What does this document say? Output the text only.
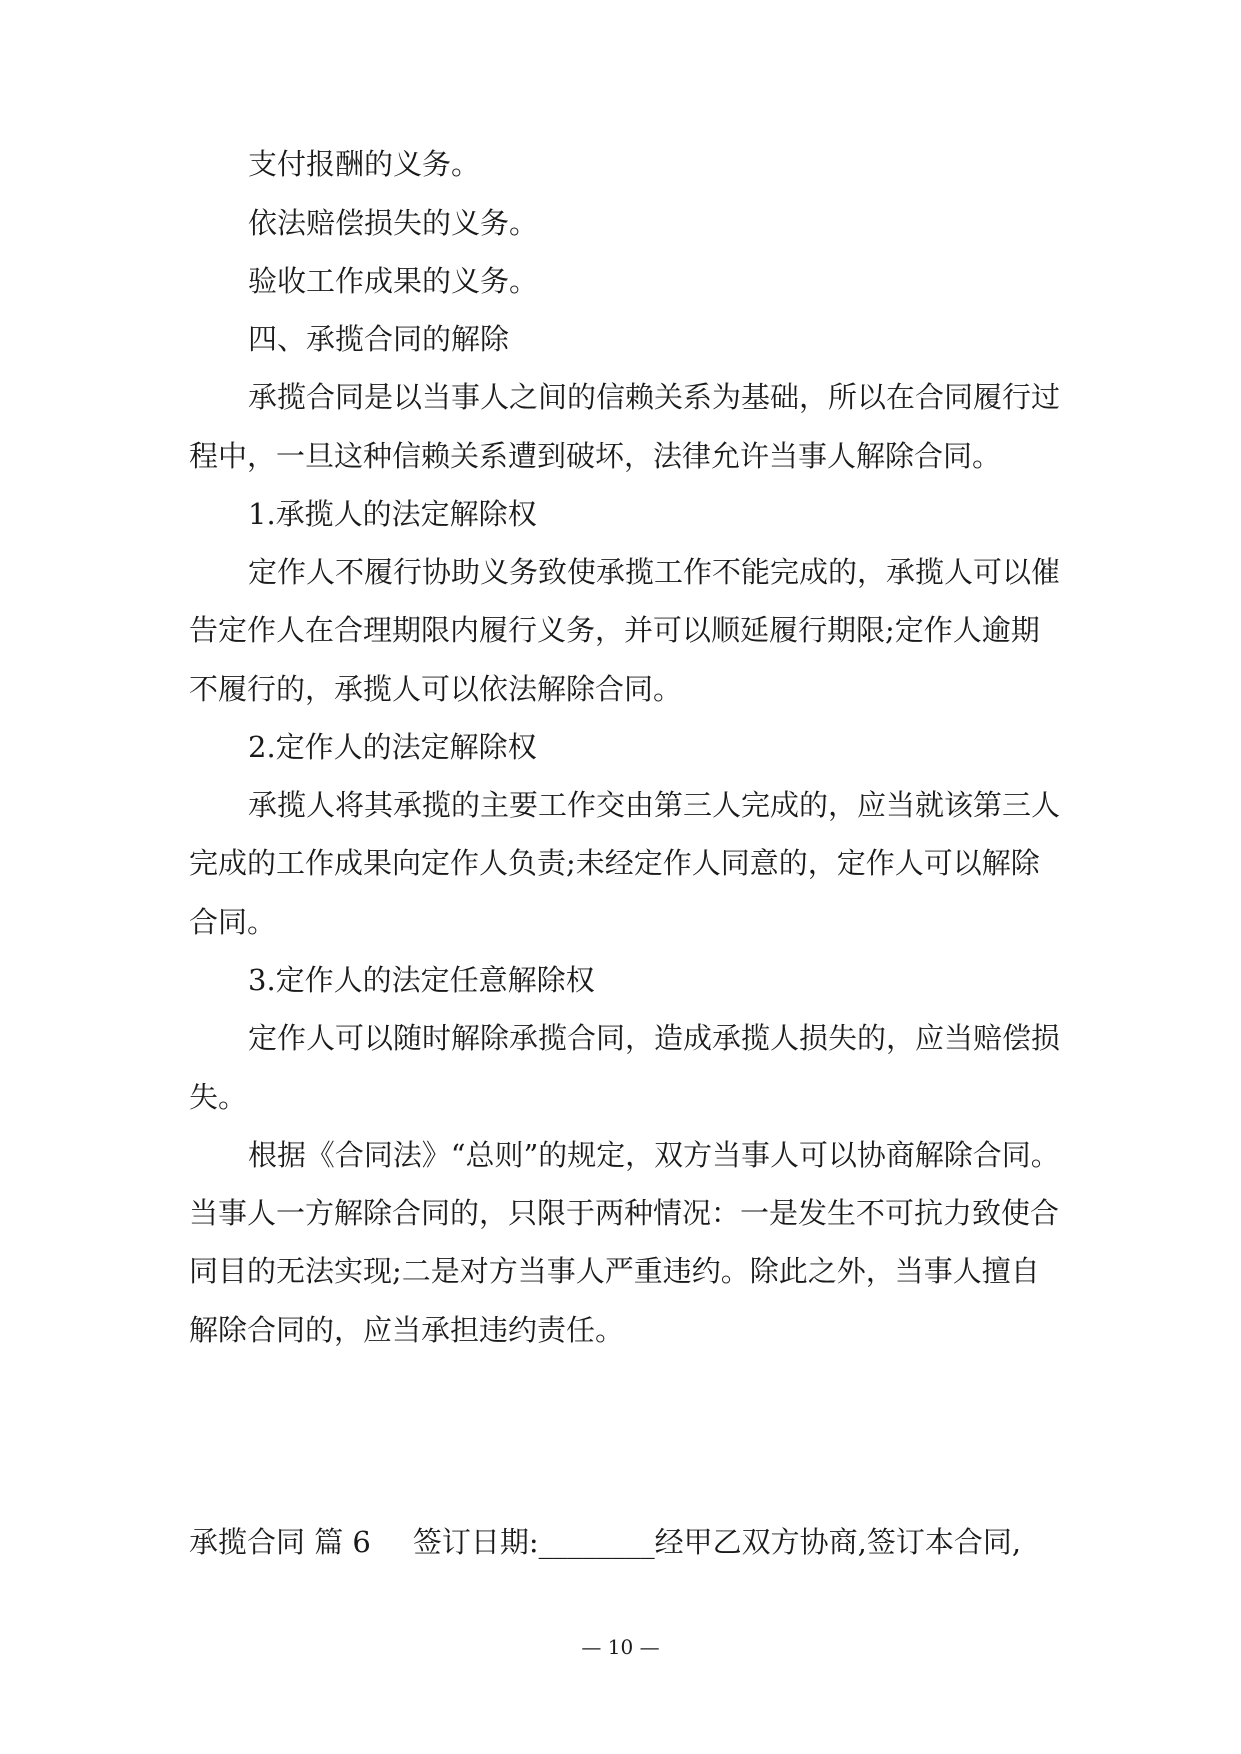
支付报酬的义务。
依法赔偿损失的义务。
验收工作成果的义务。
四、承揽合同的解除
承揽合同是以当事人之间的信赖关系为基础，所以在合同履行过
程中，一旦这种信赖关系遭到破坏，法律允许当事人解除合同。
1.承揽人的法定解除权
定作人不履行协助义务致使承揽工作不能完成的，承揽人可以催
告定作人在合理期限内履行义务，并可以顺延履行期限;定作人逾期
不履行的，承揽人可以依法解除合同。
2.定作人的法定解除权
承揽人将其承揽的主要工作交由第三人完成的，应当就该第三人
完成的工作成果向定作人负责;未经定作人同意的，定作人可以解除
合同。
3.定作人的法定任意解除权
定作人可以随时解除承揽合同，造成承揽人损失的，应当赔偿损
失。
根据《合同法》“总则”的规定，双方当事人可以协商解除合同。
当事人一方解除合同的，只限于两种情况：一是发生不可抗力致使合
同目的无法实现;二是对方当事人严重违约。除此之外，当事人擅自
解除合同的，应当承担违约责任。
承揽合同 篇 6 签订日期:________经甲乙双方协商,签订本合同,
— 10 —
